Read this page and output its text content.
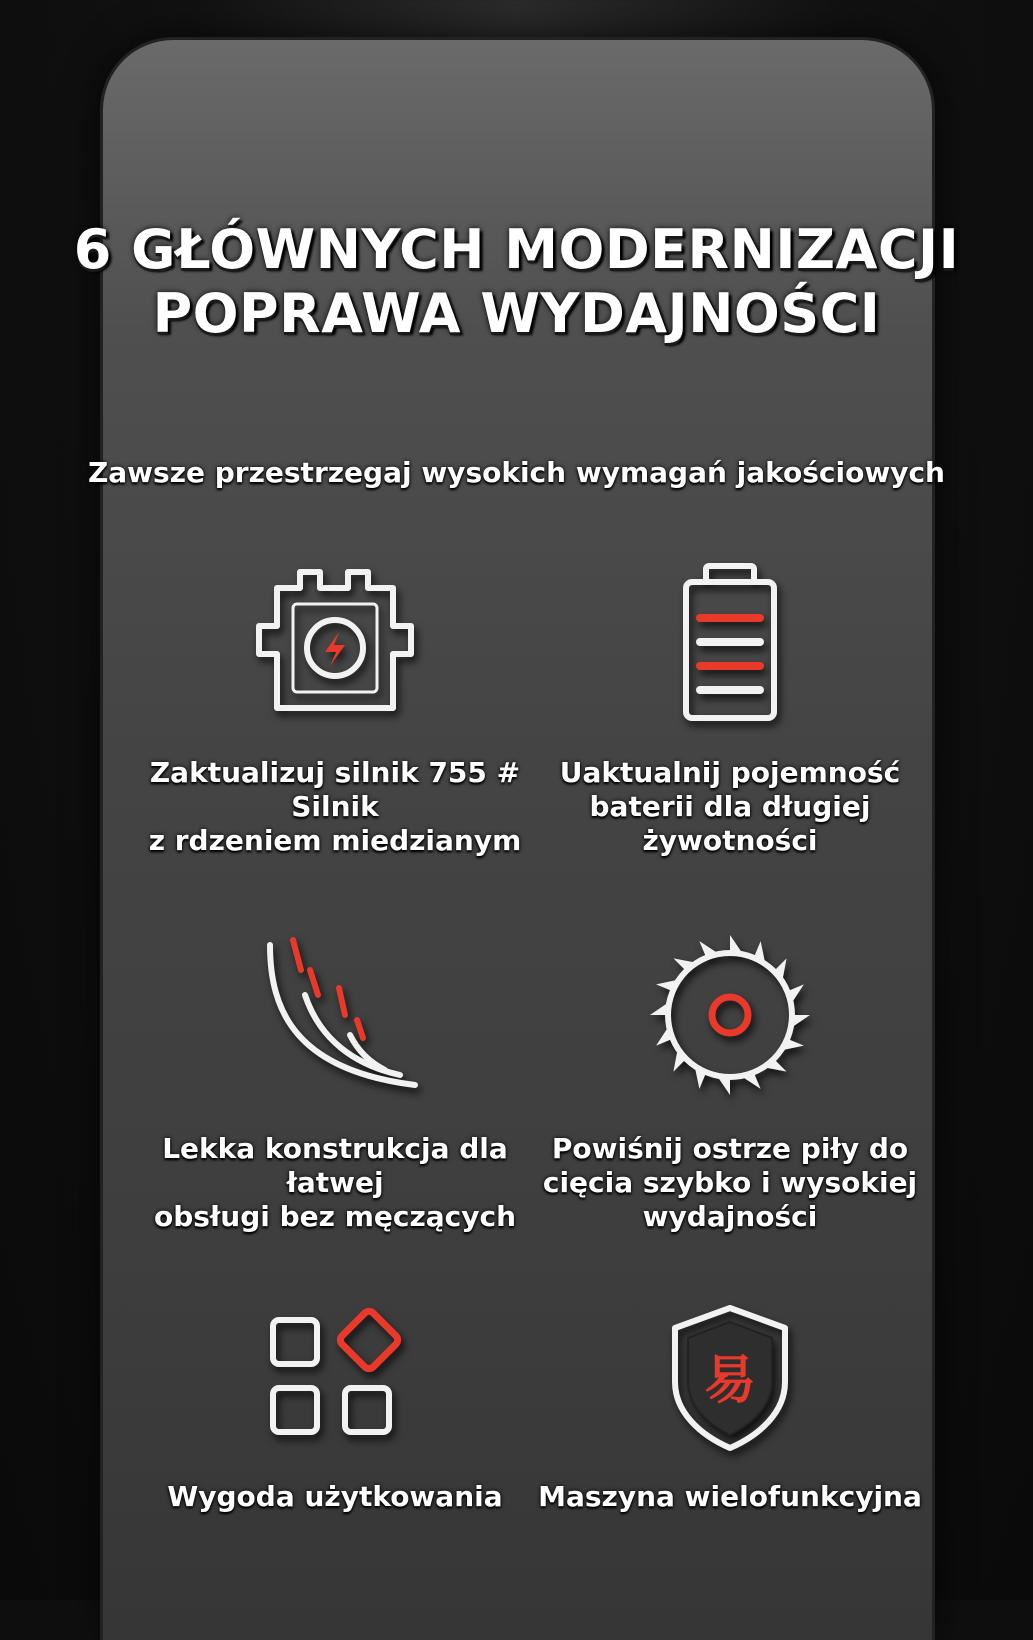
6 GŁÓWNYCH MODERNIZACJI
POPRAWA WYDAJNOŚCI
Zawsze przestrzegaj wysokich wymagań jakościowych
Zaktualizuj silnik 755 # Silnik
z rdzeniem miedzianym
Uaktualnij pojemność
baterii dla długiej
żywotności
Lekka konstrukcja dla łatwej
obsługi bez męczących
Powiśnij ostrze piły do
cięcia szybko i wysokiej
wydajności
Wygoda użytkowania
易
Maszyna wielofunkcyjna
